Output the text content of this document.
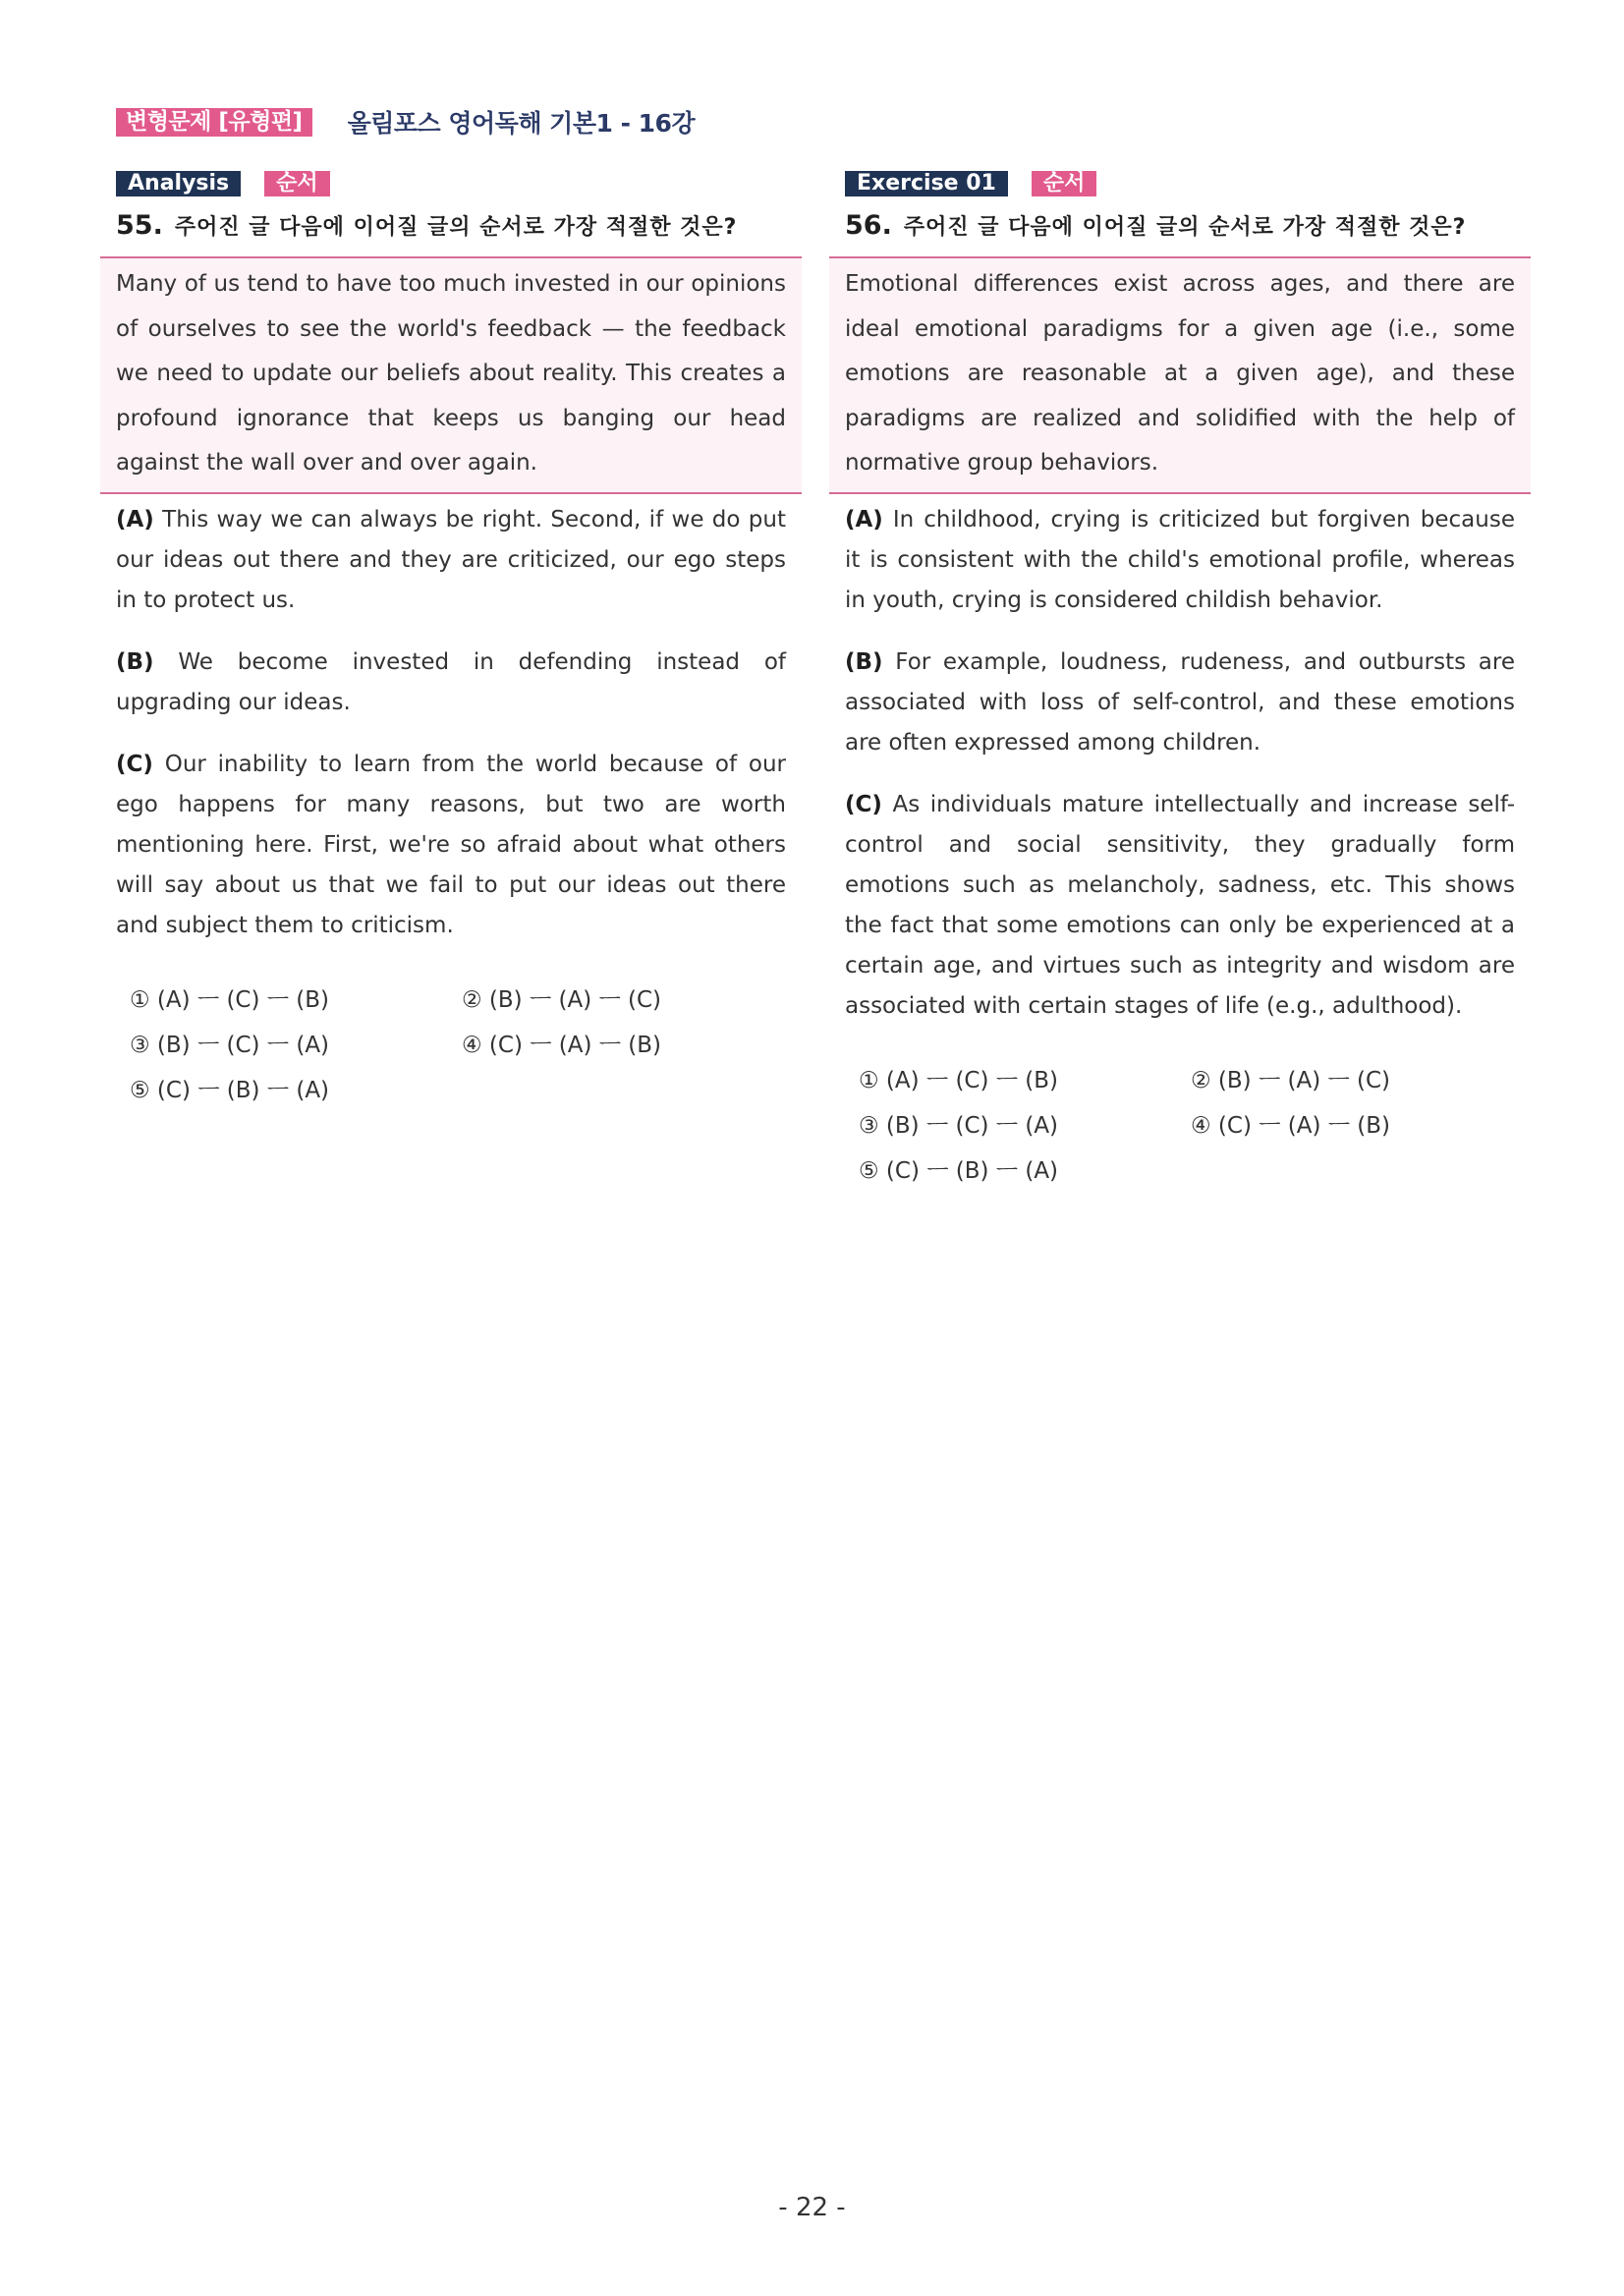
변형문제 [유형편]	올림포스 영어독해 기본1 - 16강
Analysis	순서
55. 주어진 글 다음에 이어질 글의 순서로 가장 적절한 것은?

Many of us tend to have too much invested in our opinions of ourselves to see the world's feedback — the feedback we need to update our beliefs about reality. This creates a profound ignorance that keeps us banging our head against the wall over and over again.

(A) This way we can always be right. Second, if we do put our ideas out there and they are criticized, our ego steps in to protect us.

(B) We become invested in defending instead of upgrading our ideas.

(C) Our inability to learn from the world because of our ego happens for many reasons, but two are worth mentioning here. First, we're so afraid about what others will say about us that we fail to put our ideas out there and subject them to criticism.

① (A) ㅡ (C) ㅡ (B)	② (B) ㅡ (A) ㅡ (C)
③ (B) ㅡ (C) ㅡ (A)	④ (C) ㅡ (A) ㅡ (B)
⑤ (C) ㅡ (B) ㅡ (A)
Exercise 01	순서
56. 주어진 글 다음에 이어질 글의 순서로 가장 적절한 것은?

Emotional differences exist across ages, and there are ideal emotional paradigms for a given age (i.e., some emotions are reasonable at a given age), and these paradigms are realized and solidified with the help of normative group behaviors.

(A) In childhood, crying is criticized but forgiven because it is consistent with the child's emotional profile, whereas in youth, crying is considered childish behavior.

(B) For example, loudness, rudeness, and outbursts are associated with loss of self-control, and these emotions are often expressed among children.

(C) As individuals mature intellectually and increase self-control and social sensitivity, they gradually form emotions such as melancholy, sadness, etc. This shows the fact that some emotions can only be experienced at a certain age, and virtues such as integrity and wisdom are associated with certain stages of life (e.g., adulthood).

① (A) ㅡ (C) ㅡ (B)	② (B) ㅡ (A) ㅡ (C)
③ (B) ㅡ (C) ㅡ (A)	④ (C) ㅡ (A) ㅡ (B)
⑤ (C) ㅡ (B) ㅡ (A)
- 22 -
